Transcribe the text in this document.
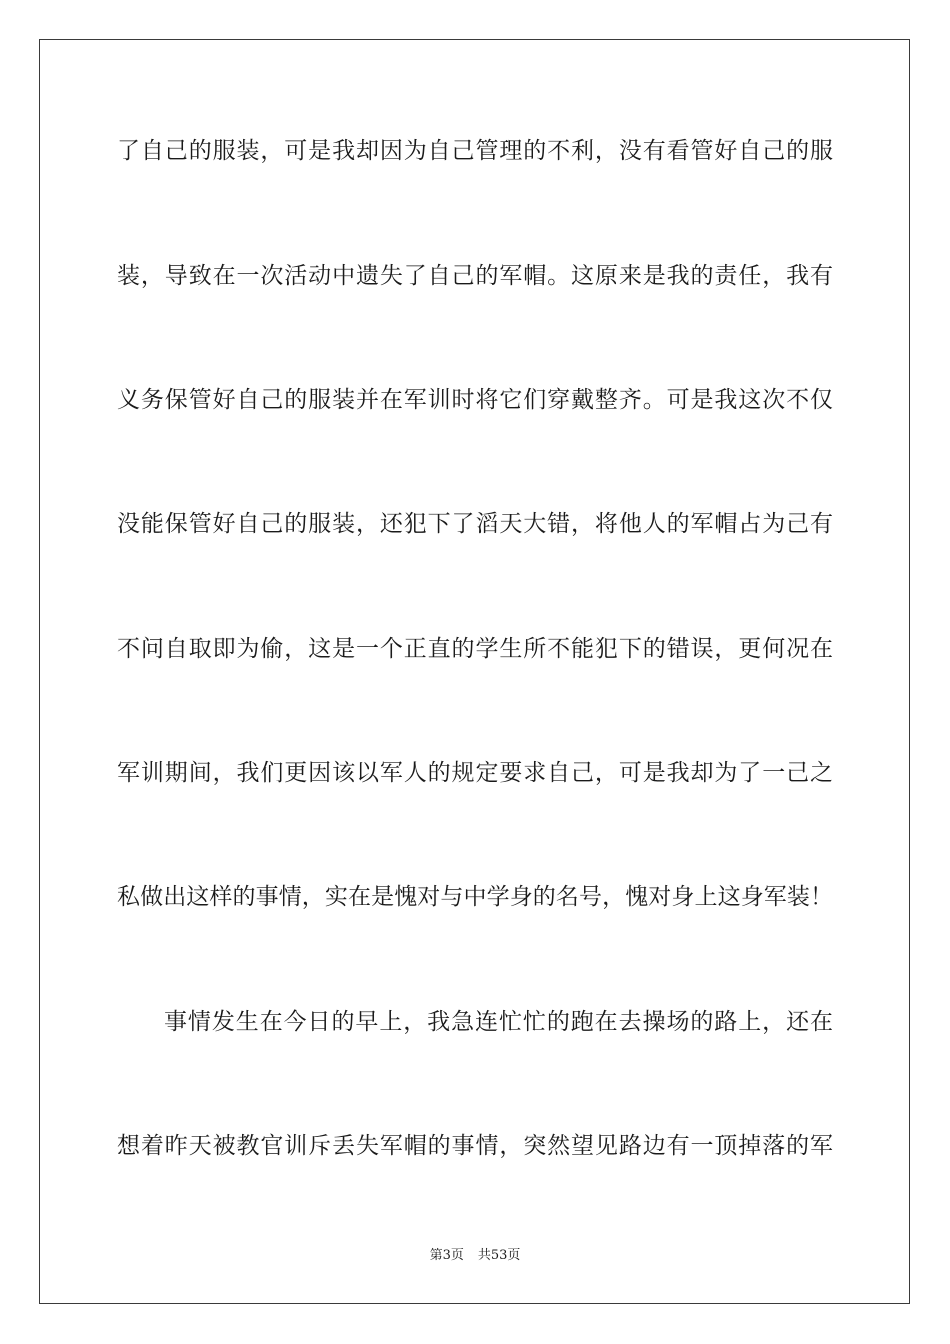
了自己的服装，可是我却因为自己管理的不利，没有看管好自己的服
装，导致在一次活动中遗失了自己的军帽。这原来是我的责任，我有
义务保管好自己的服装并在军训时将它们穿戴整齐。可是我这次不仅
没能保管好自己的服装，还犯下了滔天大错，将他人的军帽占为己有
不问自取即为偷，这是一个正直的学生所不能犯下的错误，更何况在
军训期间，我们更因该以军人的规定要求自己，可是我却为了一己之
私做出这样的事情，实在是愧对与中学身的名号，愧对身上这身军装！
事情发生在今日的早上，我急连忙忙的跑在去操场的路上，还在
想着昨天被教官训斥丢失军帽的事情，突然望见路边有一顶掉落的军
第3页 共53页
